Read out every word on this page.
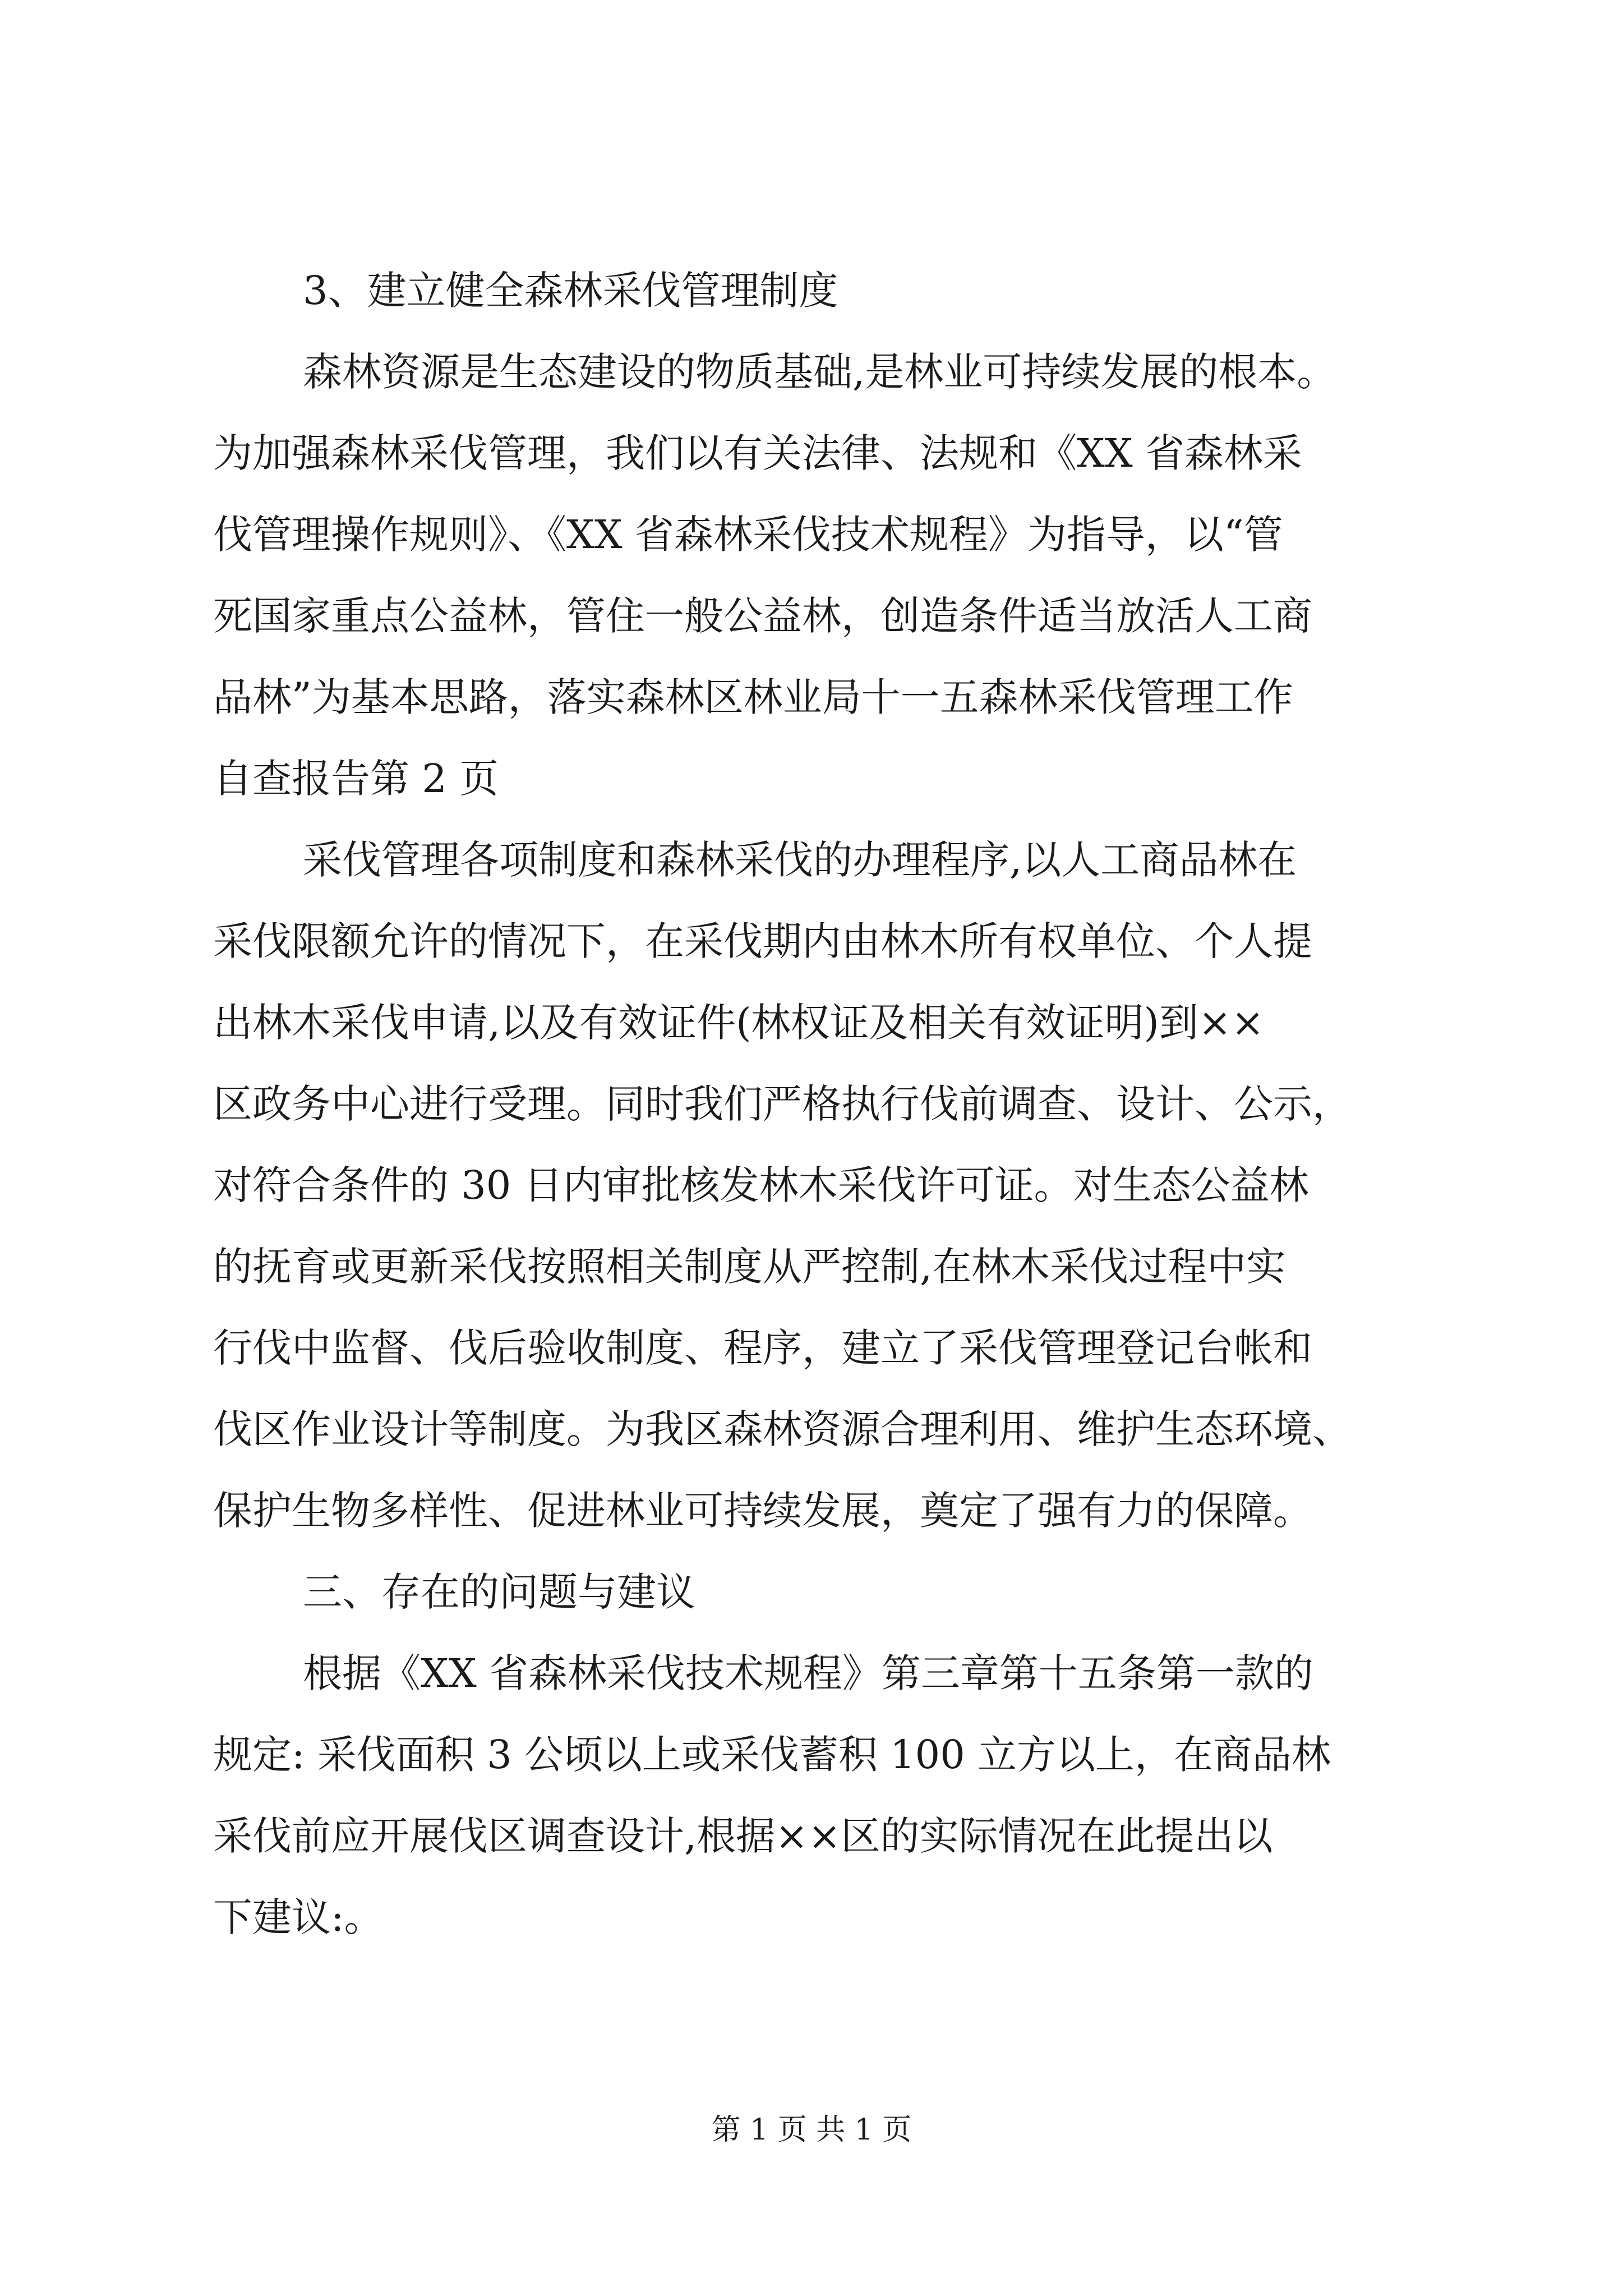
3、建立健全森林采伐管理制度
森林资源是生态建设的物质基础,是林业可持续发展的根本。
为加强森林采伐管理，我们以有关法律、法规和《XX 省森林采
伐管理操作规则》、《XX 省森林采伐技术规程》为指导，以“管
死国家重点公益林，管住一般公益林，创造条件适当放活人工商
品林”为基本思路，落实森林区林业局十一五森林采伐管理工作
自查报告第 2 页
采伐管理各项制度和森林采伐的办理程序,以人工商品林在
采伐限额允许的情况下，在采伐期内由林木所有权单位、个人提
出林木采伐申请,以及有效证件(林权证及相关有效证明)到××
区政务中心进行受理。同时我们严格执行伐前调查、设计、公示，
对符合条件的 30 日内审批核发林木采伐许可证。对生态公益林
的抚育或更新采伐按照相关制度从严控制,在林木采伐过程中实
行伐中监督、伐后验收制度、程序，建立了采伐管理登记台帐和
伐区作业设计等制度。为我区森林资源合理利用、维护生态环境、
保护生物多样性、促进林业可持续发展，奠定了强有力的保障。
三、存在的问题与建议
根据《XX 省森林采伐技术规程》第三章第十五条第一款的
规定: 采伐面积 3 公顷以上或采伐蓄积 100 立方以上，在商品林
采伐前应开展伐区调查设计,根据××区的实际情况在此提出以
下建议:。
第 1 页 共 1 页
